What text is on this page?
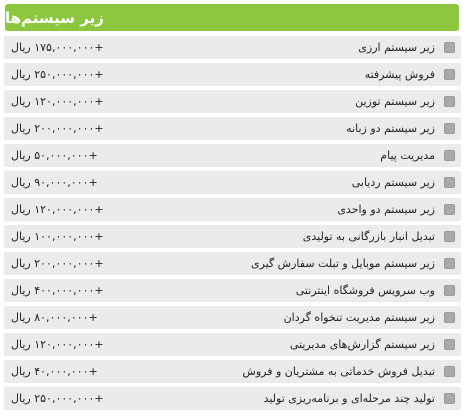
زیر سیستم‌ها
+۱۷۵,۰۰۰,۰۰۰ ریال	زیر سیستم ارزی
+۲۵۰,۰۰۰,۰۰۰ ریال	فروش پیشرفته
+۱۲۰,۰۰۰,۰۰۰ ریال	زیر سیستم توزین
+۲۰۰,۰۰۰,۰۰۰ ریال	زیر سیستم دو زبانه
+۵۰,۰۰۰,۰۰۰ ریال	مدیریت پیام
+۹۰,۰۰۰,۰۰۰ ریال	زیر سیستم ردیابی
+۱۲۰,۰۰۰,۰۰۰ ریال	زیر سیستم دو واحدی
+۱۰۰,۰۰۰,۰۰۰ ریال	تبدیل انبار بازرگانی به تولیدی
+۲۰۰,۰۰۰,۰۰۰ ریال	زیر سیستم موبایل و تبلت سفارش گیری
+۴۰۰,۰۰۰,۰۰۰ ریال	وب سرویس فروشگاه اینترنتی
+۸۰,۰۰۰,۰۰۰ ریال	زیر سیستم مدیریت تنخواه گردان
+۱۲۰,۰۰۰,۰۰۰ ریال	زیر سیستم گزارش‌های مدیریتی
+۴۰,۰۰۰,۰۰۰ ریال	تبدیل فروش خدماتی به مشتریان و فروش
+۲۵۰,۰۰۰,۰۰۰ ریال	تولید چند مرحله‌ای و برنامه‌ریزی تولید
